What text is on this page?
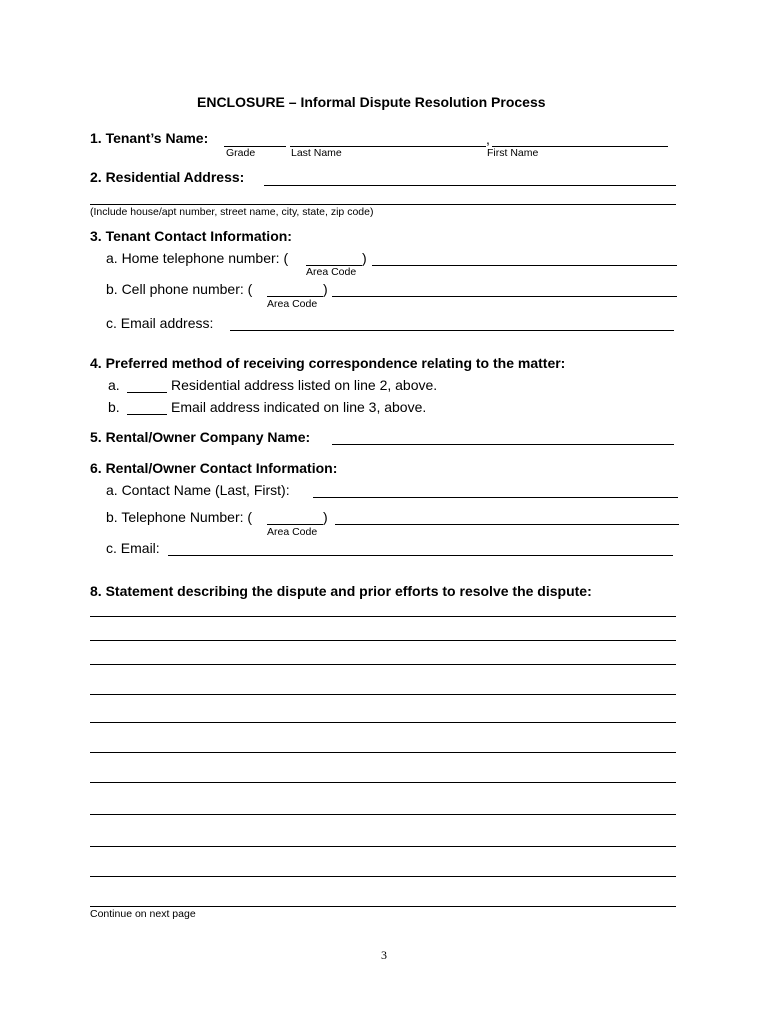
ENCLOSURE – Informal Dispute Resolution Process
1. Tenant’s Name:	,
Grade	Last Name	First Name
2. Residential Address:
(Include house/apt number, street name, city, state, zip code)
3. Tenant Contact Information:
a. Home telephone number: (	)
Area Code
b. Cell phone number: (	)
Area Code
c. Email address:
4. Preferred method of receiving correspondence relating to the matter:
a.	Residential address listed on line 2, above.
b.	Email address indicated on line 3, above.
5. Rental/Owner Company Name:
6. Rental/Owner Contact Information:
a. Contact Name (Last, First):
b. Telephone Number: (	)
Area Code
c. Email:
8. Statement describing the dispute and prior efforts to resolve the dispute:
Continue on next page
3
